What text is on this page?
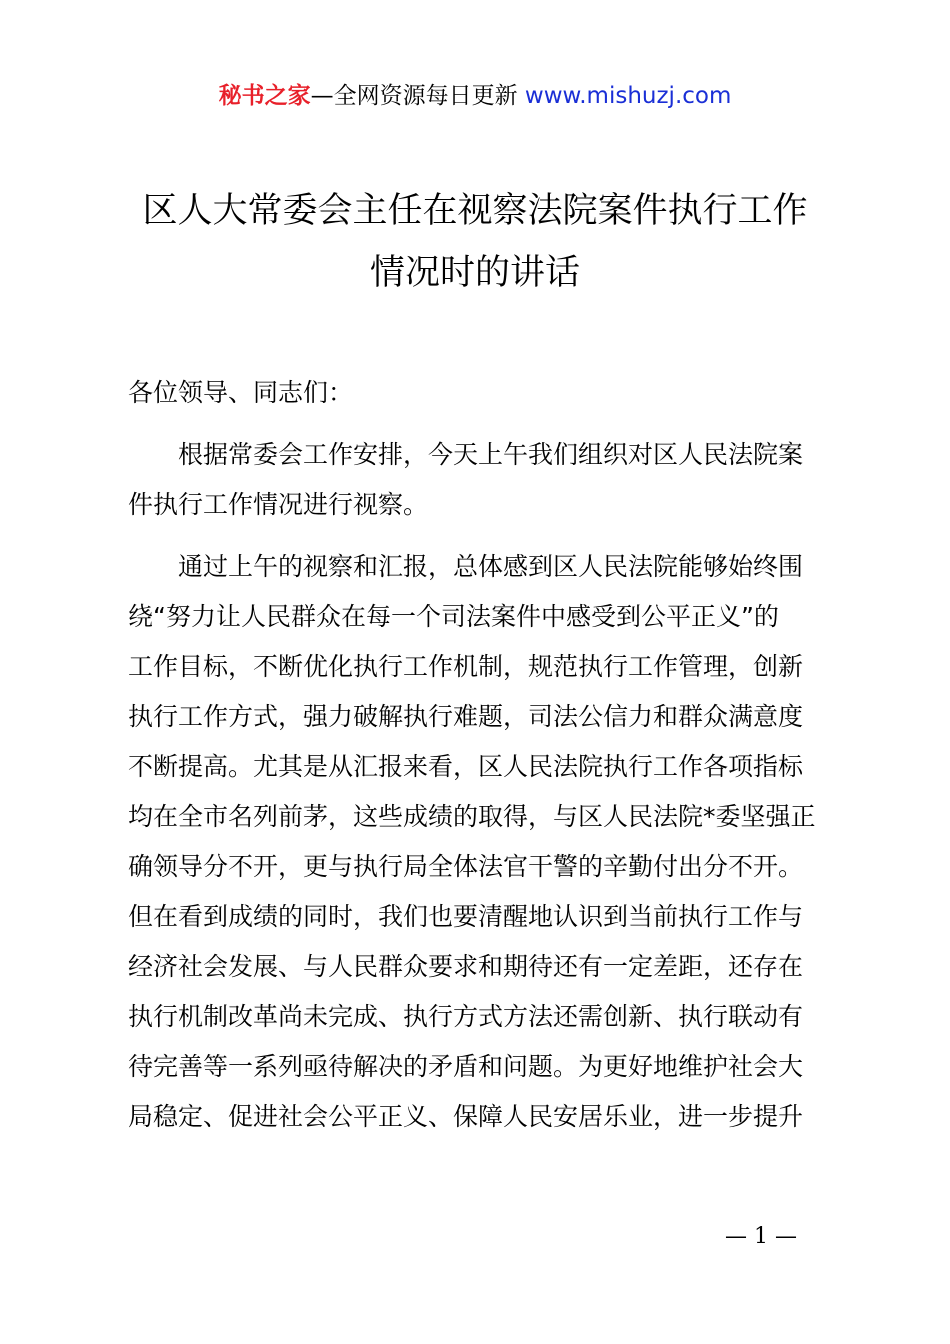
秘书之家—全网资源每日更新 www.mishuzj.com
区人大常委会主任在视察法院案件执行工作
情况时的讲话
各位领导、同志们：
根据常委会工作安排，今天上午我们组织对区人民法院案
件执行工作情况进行视察。
通过上午的视察和汇报，总体感到区人民法院能够始终围
绕“努力让人民群众在每一个司法案件中感受到公平正义”的
工作目标，不断优化执行工作机制，规范执行工作管理，创新
执行工作方式，强力破解执行难题，司法公信力和群众满意度
不断提高。尤其是从汇报来看，区人民法院执行工作各项指标
均在全市名列前茅，这些成绩的取得，与区人民法院*委坚强正
确领导分不开，更与执行局全体法官干警的辛勤付出分不开。
但在看到成绩的同时，我们也要清醒地认识到当前执行工作与
经济社会发展、与人民群众要求和期待还有一定差距，还存在
执行机制改革尚未完成、执行方式方法还需创新、执行联动有
待完善等一系列亟待解决的矛盾和问题。为更好地维护社会大
局稳定、促进社会公平正义、保障人民安居乐业，进一步提升
— 1 —
